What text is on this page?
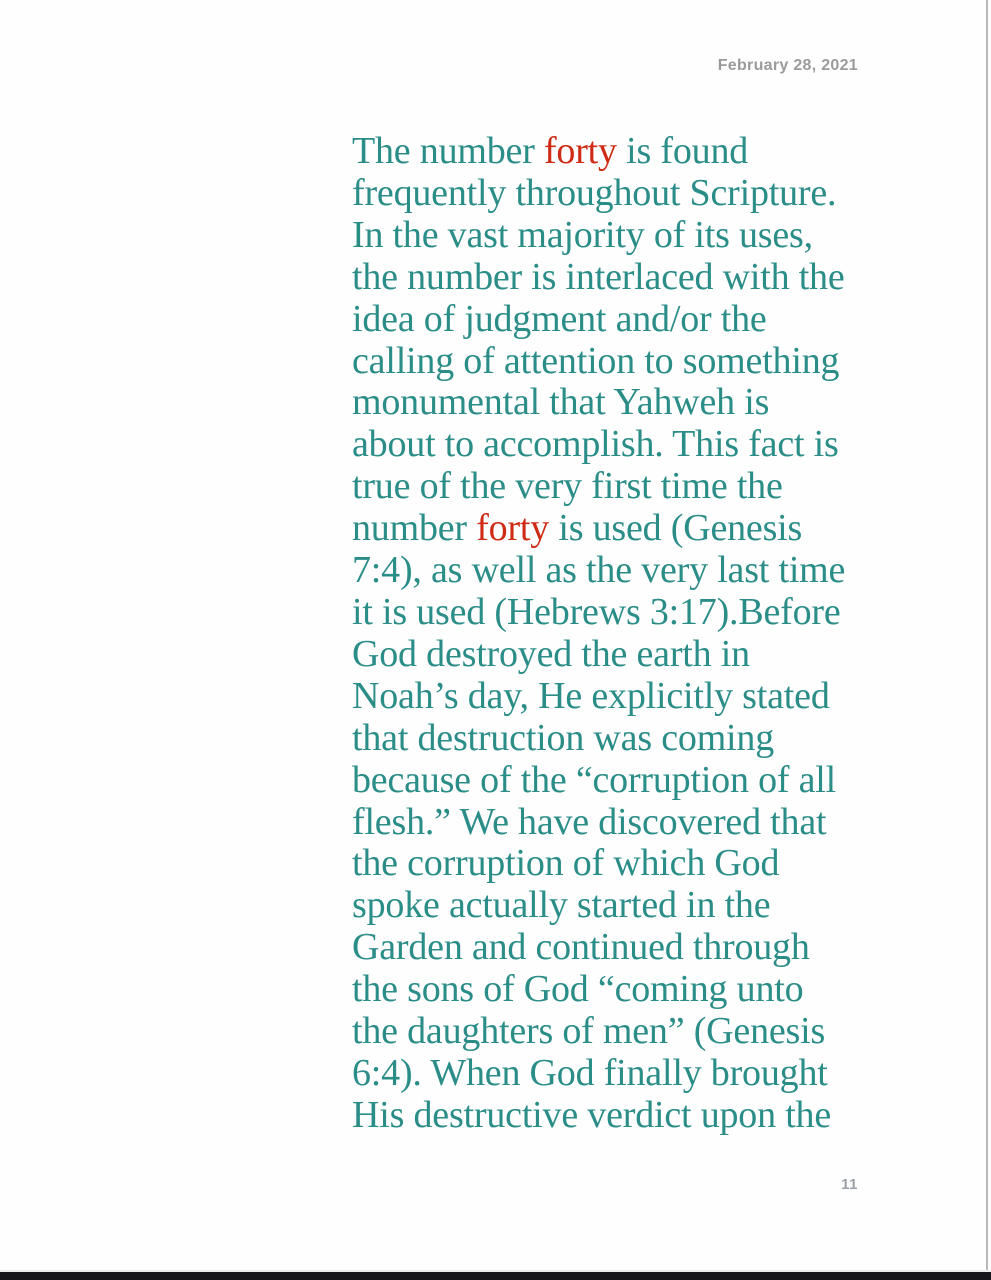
February 28, 2021
The number forty is found
frequently throughout Scripture.
In the vast majority of its uses,
the number is interlaced with the
idea of judgment and/or the
calling of attention to something
monumental that Yahweh is
about to accomplish. This fact is
true of the very first time the
number forty is used (Genesis
7:4), as well as the very last time
it is used (Hebrews 3:17).Before
God destroyed the earth in
Noah’s day, He explicitly stated
that destruction was coming
because of the “corruption of all
flesh.” We have discovered that
the corruption of which God
spoke actually started in the
Garden and continued through
the sons of God “coming unto
the daughters of men” (Genesis
6:4). When God finally brought
His destructive verdict upon the
11
